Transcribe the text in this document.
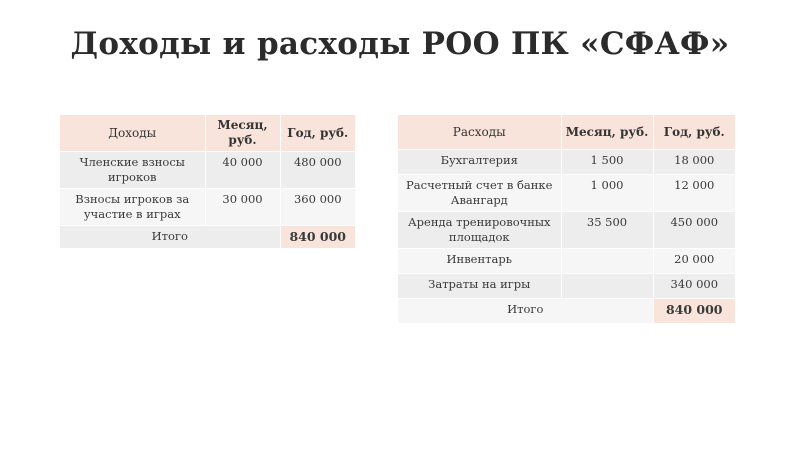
Доходы и расходы РОО ПК «СФАФ»
Доходы	Месяц, руб.	Год, руб.
Членские взносы игроков	40 000	480 000
Взносы игроков за участие в играх	30 000	360 000
Итого		840 000
Расходы	Месяц, руб.	Год, руб.
Бухгалтерия	1 500	18 000
Расчетный счет в банке Авангард	1 000	12 000
Аренда тренировочных площадок	35 500	450 000
Инвентарь		20 000
Затраты на игры		340 000
Итого		840 000
